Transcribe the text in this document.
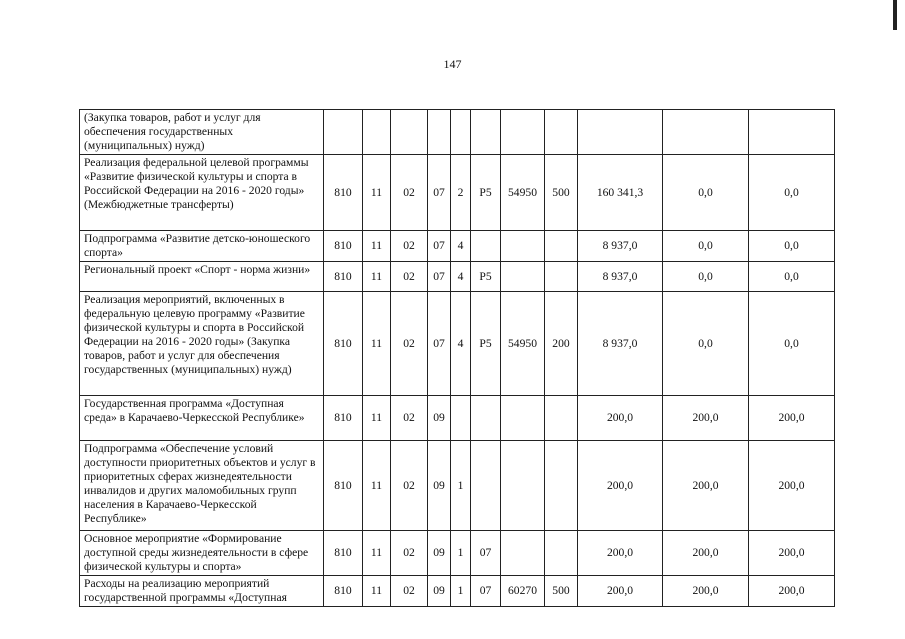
147
(Закупка товаров, работ и услуг для обеспечения государственных (муниципальных) нужд)											
Реализация федеральной целевой программы «Развитие физической культуры и спорта в Российской Федерации на 2016 - 2020 годы» (Межбюджетные трансферты)	810	11	02	07	2	P5	54950	500	160 341,3	0,0	0,0
Подпрограмма «Развитие детско-юношеского спорта»	810	11	02	07	4				8 937,0	0,0	0,0
Региональный проект «Спорт - норма жизни»	810	11	02	07	4	P5			8 937,0	0,0	0,0
Реализация мероприятий, включенных в федеральную целевую программу «Развитие физической культуры и спорта в Российской Федерации на 2016 - 2020 годы» (Закупка товаров, работ и услуг для обеспечения государственных (муниципальных) нужд)	810	11	02	07	4	P5	54950	200	8 937,0	0,0	0,0
Государственная программа «Доступная среда» в Карачаево-Черкесской Республике»	810	11	02	09					200,0	200,0	200,0
Подпрограмма «Обеспечение условий доступности приоритетных объектов и услуг в приоритетных сферах жизнедеятельности инвалидов и других маломобильных групп населения в Карачаево-Черкесской Республике»	810	11	02	09	1				200,0	200,0	200,0
Основное мероприятие «Формирование доступной среды жизнедеятельности в сфере физической культуры и спорта»	810	11	02	09	1	07			200,0	200,0	200,0
Расходы на реализацию мероприятий государственной программы «Доступная	810	11	02	09	1	07	60270	500	200,0	200,0	200,0
